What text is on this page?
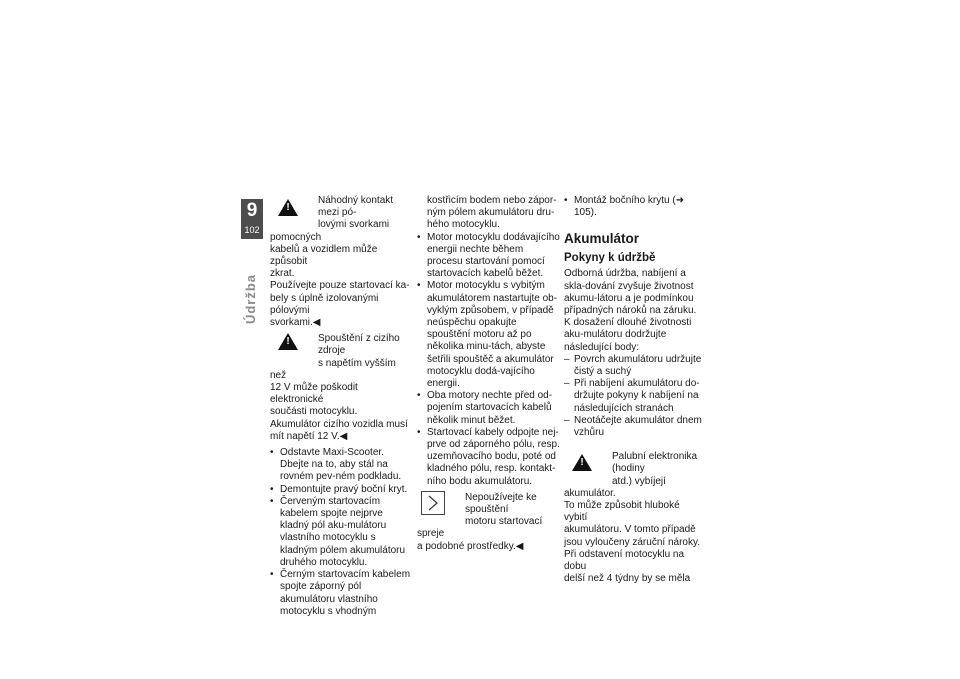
9
102
Údržba
!

Náhodný kontakt mezi pó-
lovými svorkami pomocných
kabelů a vozidlem může způsobit
zkrat.
Používejte pouze startovací ka-
bely s úplně izolovanými pólovými
svorkami.◀

!	Spouštění z cizího zdroje
s napětím vyšším než
12 V může poškodit elektronické
součásti motocyklu.
Akumulátor cizího vozidla musí
mít napětí 12 V.◀

• Odstavte Maxi-Scooter. Dbejte na to, aby stál na rovném pev-ném podkladu.
• Demontujte pravý boční kryt.
• Červeným startovacím kabelem spojte nejprve kladný pól aku-mulátoru vlastního motocyklu s kladným pólem akumulátoru druhého motocyklu.
• Černým startovacím kabelem spojte záporný pól akumulátoru vlastního motocyklu s vhodným

kostřicím bodem nebo zápor-ným pólem akumulátoru dru-hého motocyklu.

• Motor motocyklu dodávajícího energii nechte během procesu startování pomocí startovacích kabelů běžet.
• Motor motocyklu s vybitým akumulátorem nastartujte ob-vyklým způsobem, v případě neúspěchu opakujte spouštění motoru až po několika minu-tách, abyste šetřili spouštěč a akumulátor motocyklu dodá-vajícího energii.
• Oba motory nechte před od-pojením startovacích kabelů několik minut běžet.
• Startovací kabely odpojte nej-prve od záporného pólu, resp. uzemňovacího bodu, poté od kladného pólu, resp. kontakt-ního bodu akumulátoru.

Nepoužívejte ke spouštění
motoru startovací spreje
a podobné prostředky.◀

• Montáž bočního krytu (➜ 105).
Akumulátor
Pokyny k údržbě

Odborná údržba, nabíjení a skla-dování zvyšuje životnost akumu-látoru a je podmínkou případných nároků na záruku.

K dosažení dlouhé životnosti aku-mulátoru dodržujte následující body:

– Povrch akumulátoru udržujte čistý a suchý
– Při nabíjení akumulátoru do-držujte pokyny k nabíjení na následujících stranách
– Neotáčejte akumulátor dnem vzhůru
!

Palubní elektronika (hodiny
atd.) vybíjejí akumulátor.
To může způsobit hluboké vybití
akumulátoru. V tomto případě
jsou vyloučeny záruční nároky.
Při odstavení motocyklu na dobu
delší než 4 týdny by se měla
